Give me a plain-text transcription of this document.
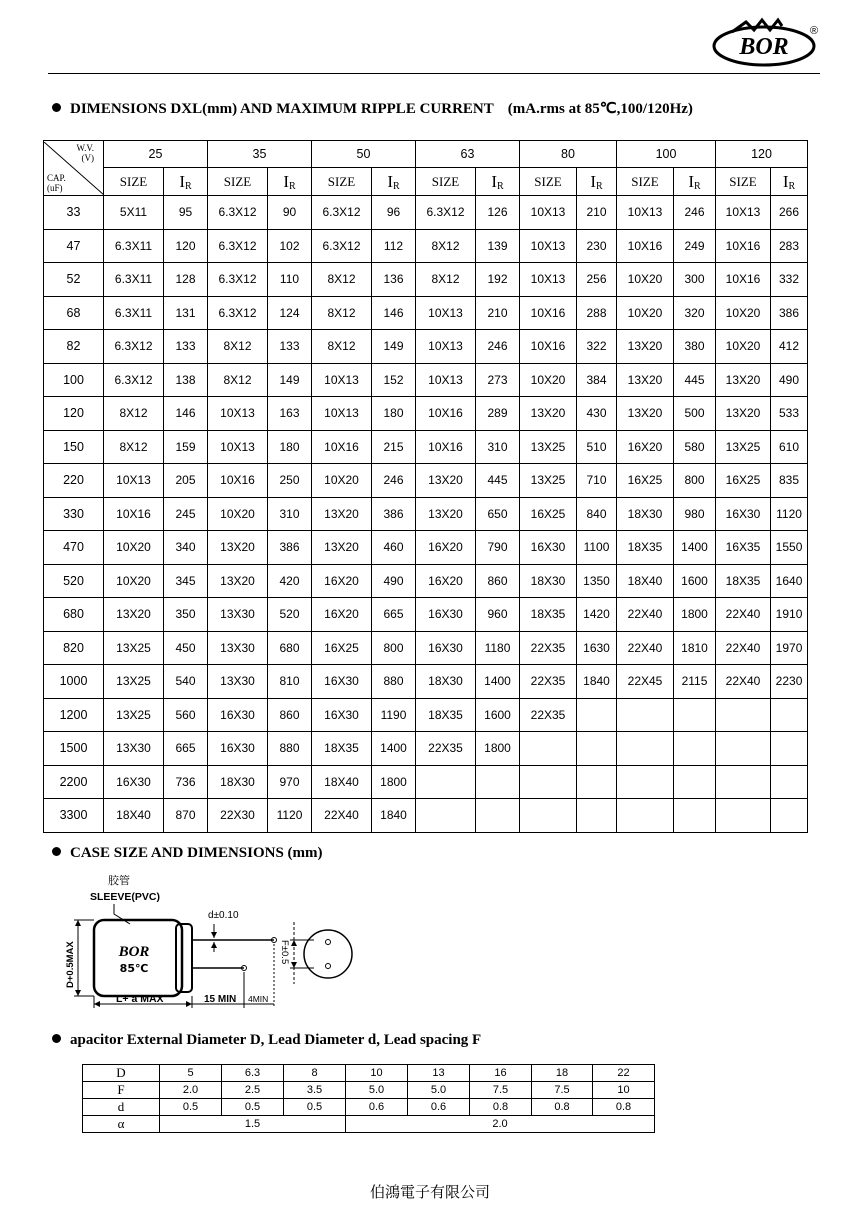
BOR
®
DIMENSIONS DXL(mm) AND MAXIMUM RIPPLE CURRENT (mA.rms at 85℃,100/120Hz)
W.V.
(V)
CAP.
(uF)	25		35		50		63		80		100		120	
	SIZE	$I_R$	SIZE	$I_R$	SIZE	$I_R$	SIZE	$I_R$	SIZE	$I_R$	SIZE	$I_R$	SIZE	$I_R$
33	5X11	95	6.3X12	90	6.3X12	96	6.3X12	126	10X13	210	10X13	246	10X13	266
47	6.3X11	120	6.3X12	102	6.3X12	112	8X12	139	10X13	230	10X16	249	10X16	283
52	6.3X11	128	6.3X12	110	8X12	136	8X12	192	10X13	256	10X20	300	10X16	332
68	6.3X11	131	6.3X12	124	8X12	146	10X13	210	10X16	288	10X20	320	10X20	386
82	6.3X12	133	8X12	133	8X12	149	10X13	246	10X16	322	13X20	380	10X20	412
100	6.3X12	138	8X12	149	10X13	152	10X13	273	10X20	384	13X20	445	13X20	490
120	8X12	146	10X13	163	10X13	180	10X16	289	13X20	430	13X20	500	13X20	533
150	8X12	159	10X13	180	10X16	215	10X16	310	13X25	510	16X20	580	13X25	610
220	10X13	205	10X16	250	10X20	246	13X20	445	13X25	710	16X25	800	16X25	835
330	10X16	245	10X20	310	13X20	386	13X20	650	16X25	840	18X30	980	16X30	1120
470	10X20	340	13X20	386	13X20	460	16X20	790	16X30	1100	18X35	1400	16X35	1550
520	10X20	345	13X20	420	16X20	490	16X20	860	18X30	1350	18X40	1600	18X35	1640
680	13X20	350	13X30	520	16X20	665	16X30	960	18X35	1420	22X40	1800	22X40	1910
820	13X25	450	13X30	680	16X25	800	16X30	1180	22X35	1630	22X40	1810	22X40	1970
1000	13X25	540	13X30	810	16X30	880	18X30	1400	22X35	1840	22X45	2115	22X40	2230
1200	13X25	560	16X30	860	16X30	1190	18X35	1600	22X35					
1500	13X30	665	16X30	880	18X35	1400	22X35	1800						
2200	16X30	736	18X30	970	18X40	1800								
3300	18X40	870	22X30	1120	22X40	1840								
CASE SIZE AND DIMENSIONS (mm)
胶管
SLEEVE(PVC)
BOR
85℃
d±0.10
D+0.5MAX
L+ a MAX	15 MIN 4MIN
F±0.5
apacitor External Diameter D, Lead Diameter d, Lead spacing F
D	5	6.3	8	10	13	16	18	22
F	2.0	2.5	3.5	5.0	5.0	7.5	7.5	10
d	0.5	0.5	0.5	0.6	0.6	0.8	0.8	0.8
α	1.5			2.0				
伯鴻電子有限公司
